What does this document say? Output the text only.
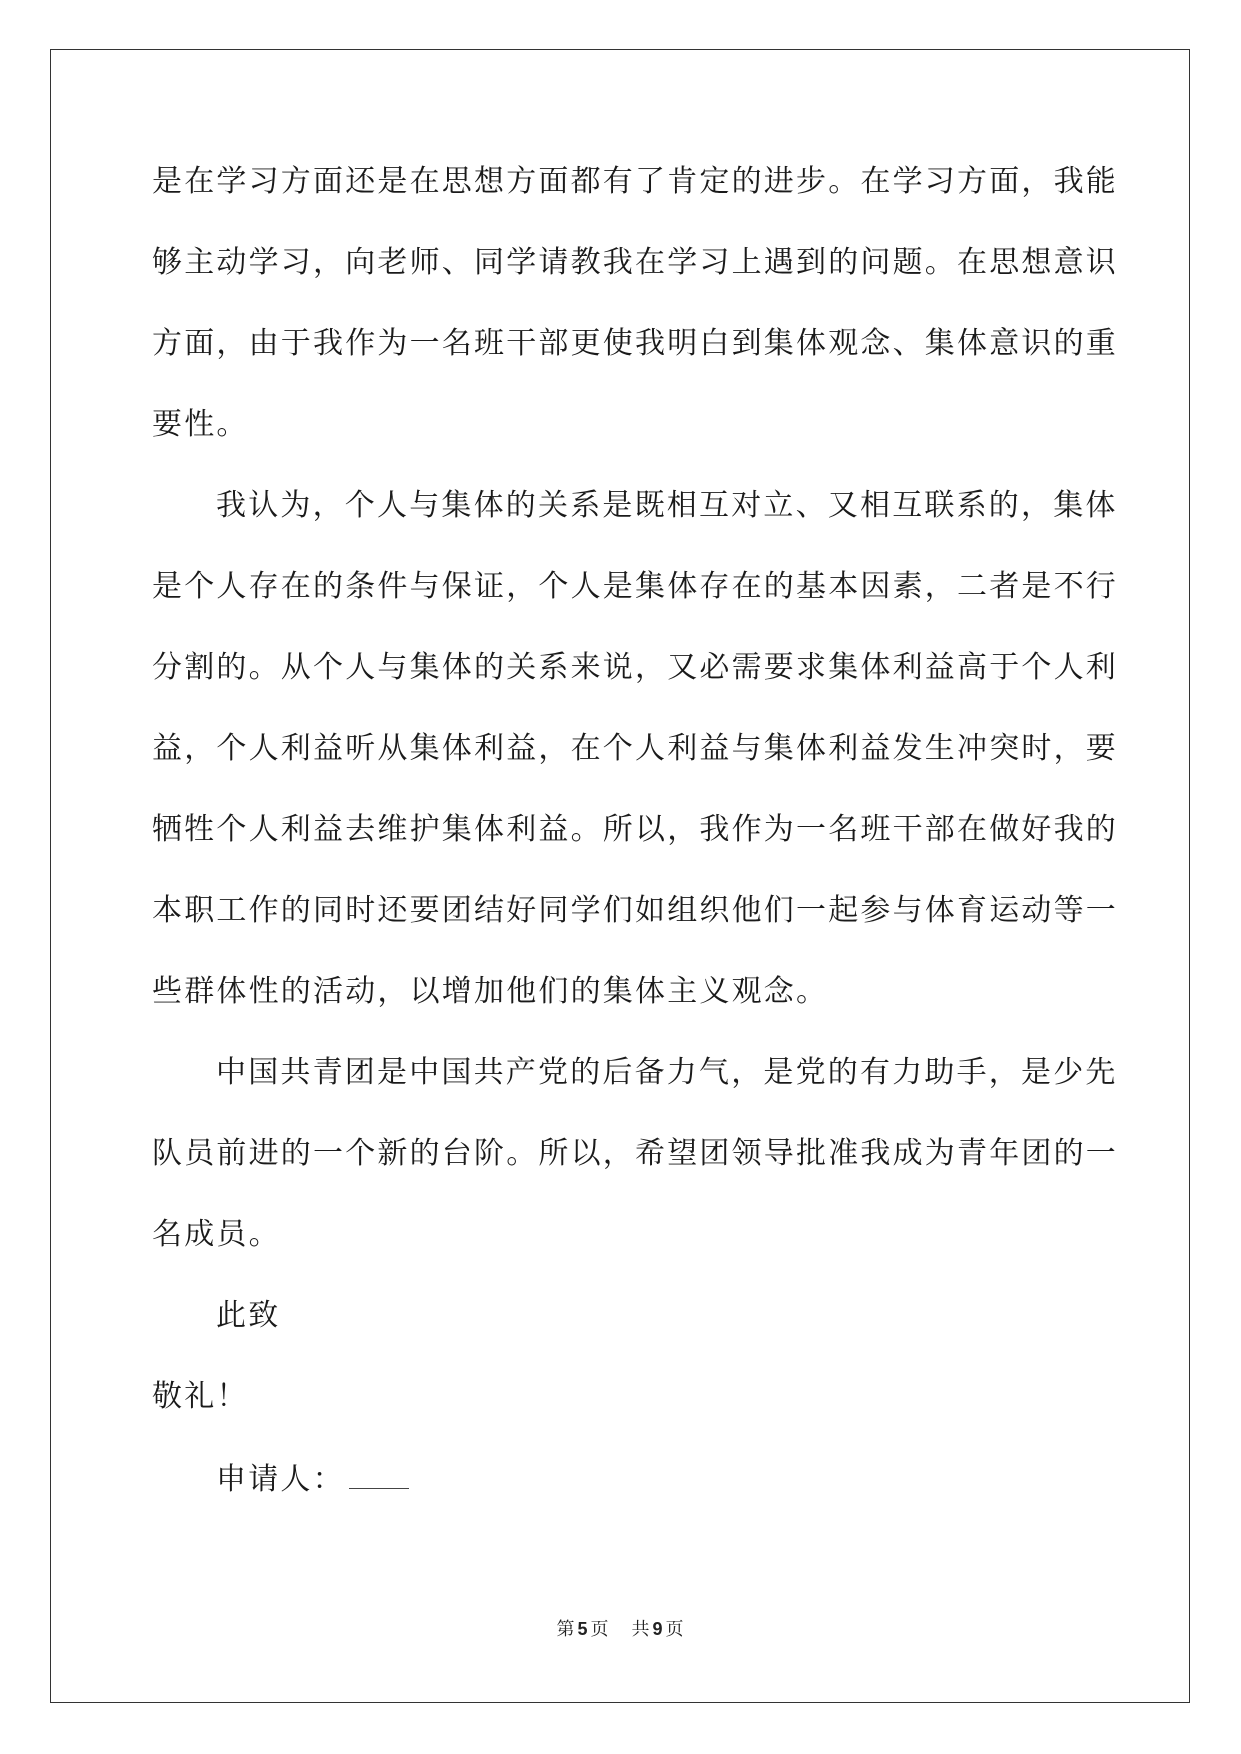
是在学习方面还是在思想方面都有了肯定的进步。在学习方面，我能
够主动学习，向老师、同学请教我在学习上遇到的问题。在思想意识
方面，由于我作为一名班干部更使我明白到集体观念、集体意识的重
要性。
我认为，个人与集体的关系是既相互对立、又相互联系的，集体
是个人存在的条件与保证，个人是集体存在的基本因素，二者是不行
分割的。从个人与集体的关系来说，又必需要求集体利益高于个人利
益，个人利益听从集体利益，在个人利益与集体利益发生冲突时，要
牺牲个人利益去维护集体利益。所以，我作为一名班干部在做好我的
本职工作的同时还要团结好同学们如组织他们一起参与体育运动等一
些群体性的活动，以增加他们的集体主义观念。
中国共青团是中国共产党的后备力气，是党的有力助手，是少先
队员前进的一个新的台阶。所以，希望团领导批准我成为青年团的一
名成员。
此致
敬礼！
申请人：
第 5 页 共 9 页
